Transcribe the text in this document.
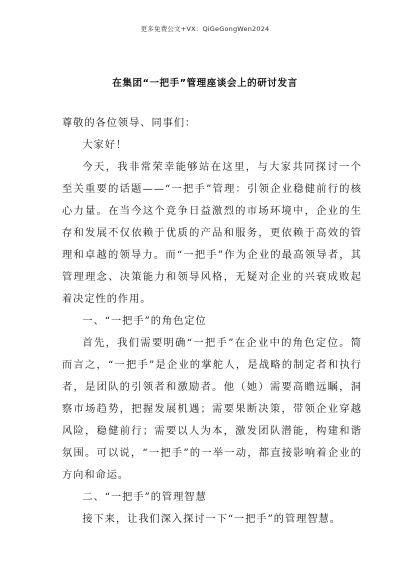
更多免费公文+VX：QiGeGongWen2024
在集团“一把手”管理座谈会上的研讨发言

尊敬的各位领导、同事们：

大家好！

今天，我非常荣幸能够站在这里，与大家共同探讨一个至关重要的话题——“一把手”管理：引领企业稳健前行的核心力量。在当今这个竞争日益激烈的市场环境中，企业的生存和发展不仅依赖于优质的产品和服务，更依赖于高效的管理和卓越的领导力。而“一把手”作为企业的最高领导者，其管理理念、决策能力和领导风格，无疑对企业的兴衰成败起着决定性的作用。

一、“一把手”的角色定位

首先，我们需要明确“一把手”在企业中的角色定位。简而言之，“一把手”是企业的掌舵人，是战略的制定者和执行者，是团队的引领者和激励者。他（她）需要高瞻远瞩，洞察市场趋势，把握发展机遇；需要果断决策，带领企业穿越风险，稳健前行；需要以人为本，激发团队潜能，构建和谐氛围。可以说，“一把手”的一举一动，都直接影响着企业的方向和命运。

二、“一把手”的管理智慧

接下来，让我们深入探讨一下“一把手”的管理智慧。
